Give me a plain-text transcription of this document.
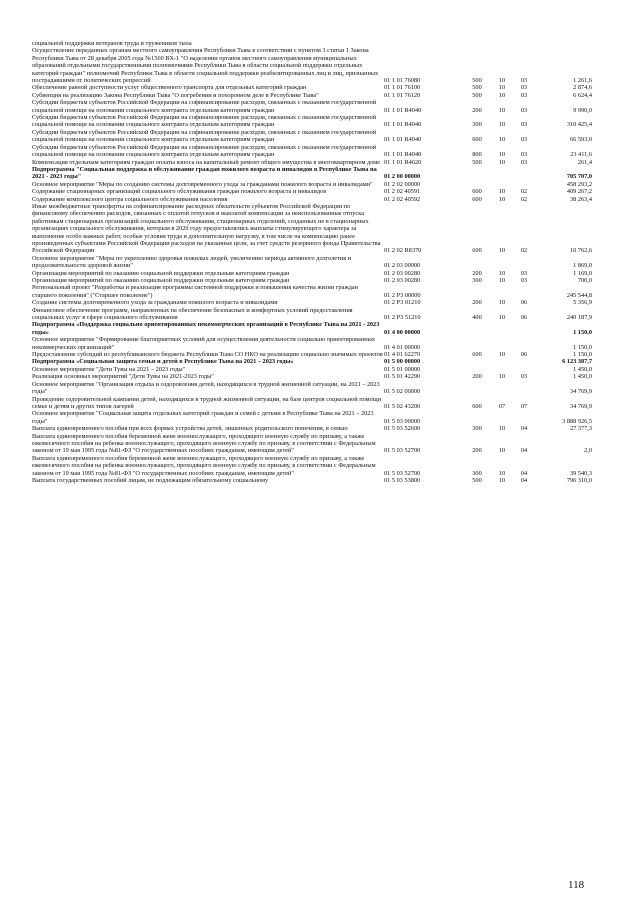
социальной поддержки ветеранов труда и тружеников тыла
Осуществление переданных органам местного самоуправления Республики Тыва в соответствии с пунктом 3 статьи 1 Закона Республики Тыва от 28 декабря 2005 года №1560 ВХ-1 "О наделении органов местного самоуправления муниципальных образований отдельными государственными полномочиями Республики Тыва в области социальной поддержки отдельных категорий граждан" полномочий Республики Тыва в области социальной поддержки реабилитированных лиц и лиц, признанных пострадавшими от политических репрессий	01 1 01 76080	500	10	03	1 261,6
Обеспечение равной доступности услуг общественного транспорта для отдельных категорий граждан	01 1 01 76100	500	10	03	2 874,6
Субвенция на реализацию Закона Республики Тыва "О погребении и похоронном деле в Республике Тыва"	01 1 01 76120	500	10	03	6 624,4
Субсидии бюджетам субъектов Российской Федерации на софинансирование расходов, связанных с оказанием государственной социальной помощи на основании социального контракта отдельным категориям граждан	01 1 01 R4040	200	10	03	9 990,0
Субсидии бюджетам субъектов Российской Федерации на софинансирование расходов, связанных с оказанием государственной социальной помощи на основании социального контракта отдельным категориям граждан	01 1 01 R4040	300	10	03	310 425,4
Субсидии бюджетам субъектов Российской Федерации на софинансирование расходов, связанных с оказанием государственной социальной помощи на основании социального контракта отдельным категориям граждан	01 1 01 R4040	600	10	03	66 593,0
Субсидии бюджетам субъектов Российской Федерации на софинансирование расходов, связанных с оказанием государственной социальной помощи на основании социального контракта отдельным категориям граждан	01 1 01 R4040	800	10	03	23 411,6
Компенсация отдельным категориям граждан оплаты взноса на капитальный ремонт общего имущества в многоквартирном доме 01 1 01 R4620	500	10	03	261,4
Подпрограмма "Социальная поддержка и обслуживание граждан пожилого возраста и инвалидов в Республике Тыва на 2021 - 2023 годы"	01 2 00 00000	705 707,0
Основное мероприятие "Меры по созданию системы долговременного ухода за гражданами пожилого возраста и инвалидами"	01 2 02 00000	458 293,2
Содержание стационарных организаций социального обслуживания граждан пожилого возраста и инвалидов	01 2 02 40591	600	10	02	409 267,2
Содержание комплексного центра социального обслуживания населения	01 2 02 40592	600	10	02	38 263,4
Иные межбюджетные трансферты на софинансирование расходных обязательств субъектов Российской Федерации по финансовому обеспечению расходов, связанных с оплатой отпусков и выплатой компенсации за неиспользованные отпуска работникам стационарных организаций социального обслуживания, стационарных отделений, созданных не в стационарных организациях социального обслуживания, которым в 2020 году предоставлялись выплаты стимулирующего характера за выполнение особо важных работ, особые условия труда и дополнительную нагрузку, в том числе на компенсацию ранее произведенных субъектами Российской Федерации расходов на указанные цели, за счет средств резервного фонда Правительства Российской Федерации	01 2 02 R8370	600	10	02	10 762,6
Основное мероприятие "Меры по укреплению здоровья пожилых людей, увеличению периода активного долголетия и продолжительности здоровой жизни"	01 2 03 00000	1 869,0
Организация мероприятий по оказанию социальной поддержки отдельным категориям граждан	01 2 03 00280	200	10	03	1 169,0
Организация мероприятий по оказанию социальной поддержки отдельным категориям граждан	01 2 03 00280	300	10	03	700,0
Региональный проект "Разработка и реализация программы системной поддержки и повышения качества жизни граждан старшего поколения" ("Старшее поколение")	01 2 P3 00000	245 544,8
Создание системы долговременного ухода за гражданами пожилого возраста и инвалидами	01 2 P3 01210	200	10	06	5 356,9
Финансовое обеспечение программ, направленных на обеспечение безопасных и комфортных условий предоставления социальных услуг в сфере социального обслуживания	01 2 P3 51210	400	10	06	240 187,9
Подпрограмма «Поддержка социально ориентированных некоммерческих организаций в Республике Тыва на 2021 - 2023 годы»	01 4 00 00000	1 150,0
Основное мероприятие "Формирование благоприятных условий для осуществления деятельности социально ориентированных некоммерческих организаций"	01 4 01 00000	1 150,0
Предоставление субсидий из республиканского бюджета Республики Тыва СО НКО на реализацию социально значимых проектов 01 4 01 62270	600	10	06	1 150,0
Подпрограмма «Социальная защита семьи и детей в Республике Тыва на 2021 – 2023 годы»	01 5 00 00000	6 123 387,7
Основное мероприятие "Дети Тувы на 2021 – 2023 годы"	01 5 01 00000	1 450,0
Реализация основных мероприятий "Дети Тувы на 2021-2023 годы"	01 5 01 42290	200	10	03	1 450,0
Основное мероприятие "Организация отдыха и оздоровления детей, находящихся в трудной жизненной ситуации, на 2021 – 2023 годы"	01 5 02 00000	34 769,9
Проведение оздоровительной кампании детей, находящихся в трудной жизненной ситуации, на базе центров социальной помощи семье и детям и других типов лагерей	01 5 02 43200	600	07	07	34 769,9
Основное мероприятие "Социальная защита отдельных категорий граждан и семей с детьми в Республике Тыва на 2021 – 2023 годы"	01 5 03 00000	3 888 926,5
Выплата единовременного пособия при всех формах устройства детей, лишенных родительского попечения, в семью	01 5 03 52600	300	10	04	27 377,3
Выплата единовременного пособия беременной жене военнослужащего, проходящего военную службу по призыву, а также ежемесячного пособия на ребенка военнослужащего, проходящего военную службу по призыву, в соответствии с Федеральным законом от 19 мая 1995 года №81-ФЗ "О государственных пособиях гражданам, имеющим детей"	01 5 03 52700	200	10	04	2,0
Выплата единовременного пособия беременной жене военнослужащего, проходящего военную службу по призыву, а также ежемесячного пособия на ребенка военнослужащего, проходящего военную службу по призыву, в соответствии с Федеральным законом от 19 мая 1995 года №81-ФЗ "О государственных пособиях гражданам, имеющим детей"	01 5 03 52700	300	10	04	39 540,3
Выплата государственных пособий лицам, не подлежащим обязательному социальному	01 5 03 53800	500	10	04	796 310,0
118
